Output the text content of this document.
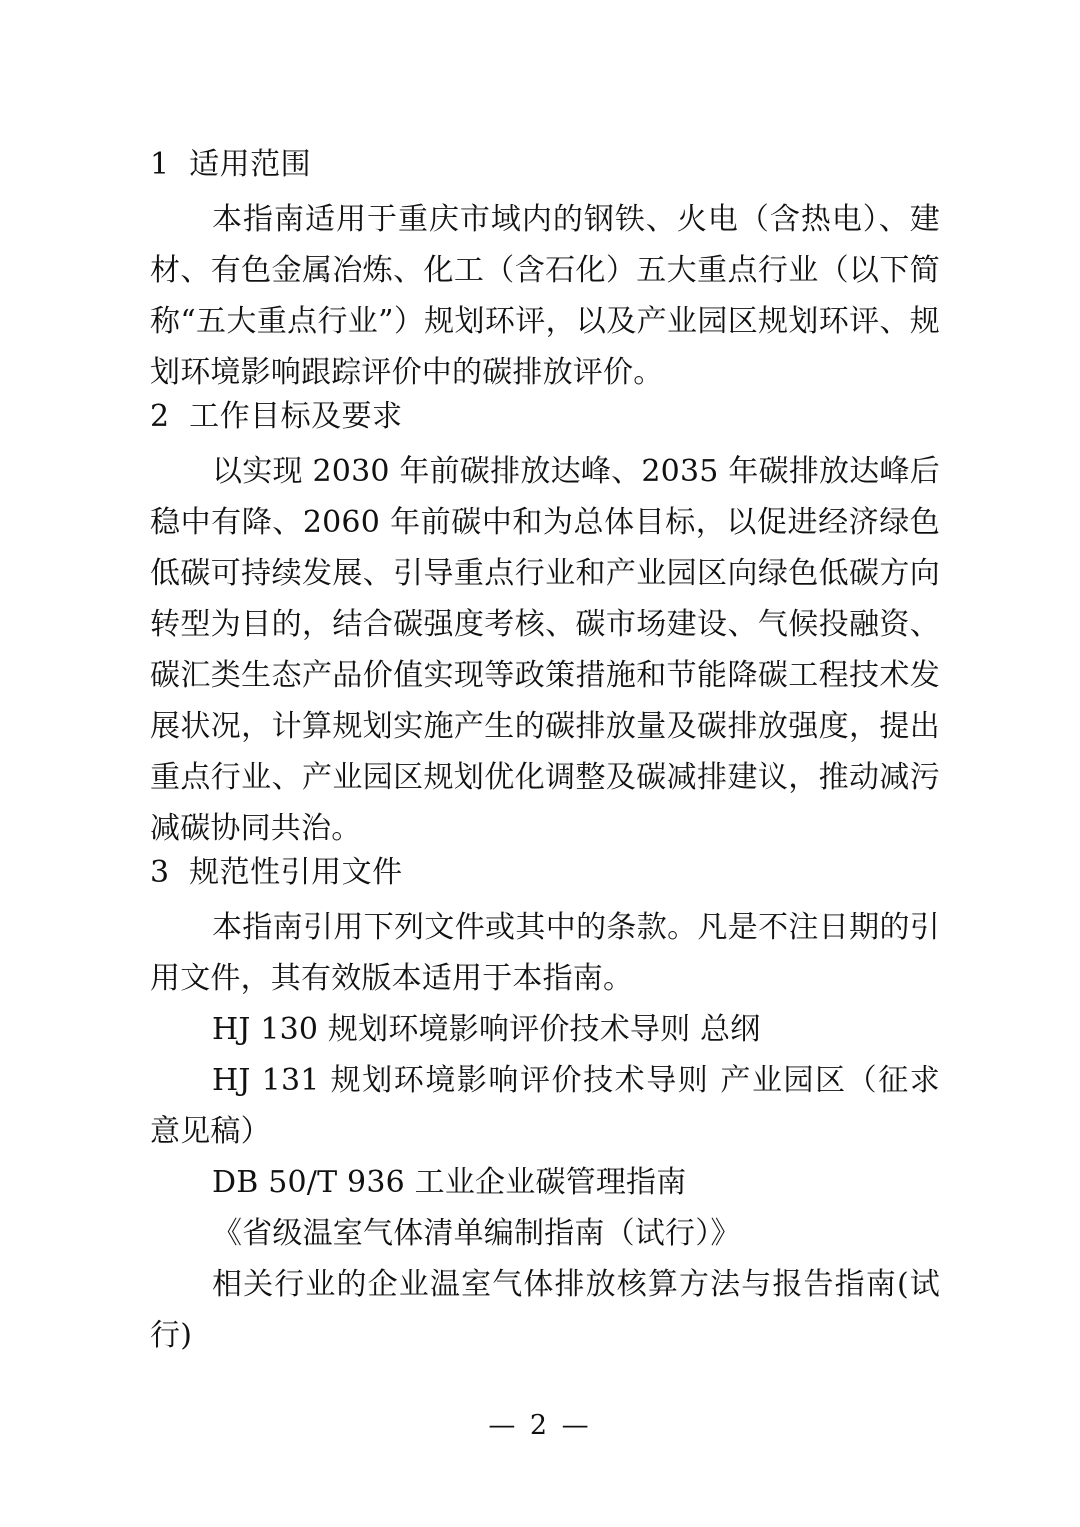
1 适用范围

本指南适用于重庆市域内的钢铁、火电（含热电）、建材、有色金属冶炼、化工（含石化）五大重点行业（以下简称“五大重点行业”）规划环评，以及产业园区规划环评、规划环境影响跟踪评价中的碳排放评价。

2 工作目标及要求

以实现 2030 年前碳排放达峰、2035 年碳排放达峰后稳中有降、2060 年前碳中和为总体目标，以促进经济绿色低碳可持续发展、引导重点行业和产业园区向绿色低碳方向转型为目的，结合碳强度考核、碳市场建设、气候投融资、碳汇类生态产品价值实现等政策措施和节能降碳工程技术发展状况，计算规划实施产生的碳排放量及碳排放强度，提出重点行业、产业园区规划优化调整及碳减排建议，推动减污减碳协同共治。

3 规范性引用文件

本指南引用下列文件或其中的条款。凡是不注日期的引用文件，其有效版本适用于本指南。

HJ 130 规划环境影响评价技术导则 总纲

HJ 131 规划环境影响评价技术导则 产业园区（征求意见稿）

DB 50/T 936 工业企业碳管理指南

《省级温室气体清单编制指南（试行）》

相关行业的企业温室气体排放核算方法与报告指南(试行)

— 2 —
